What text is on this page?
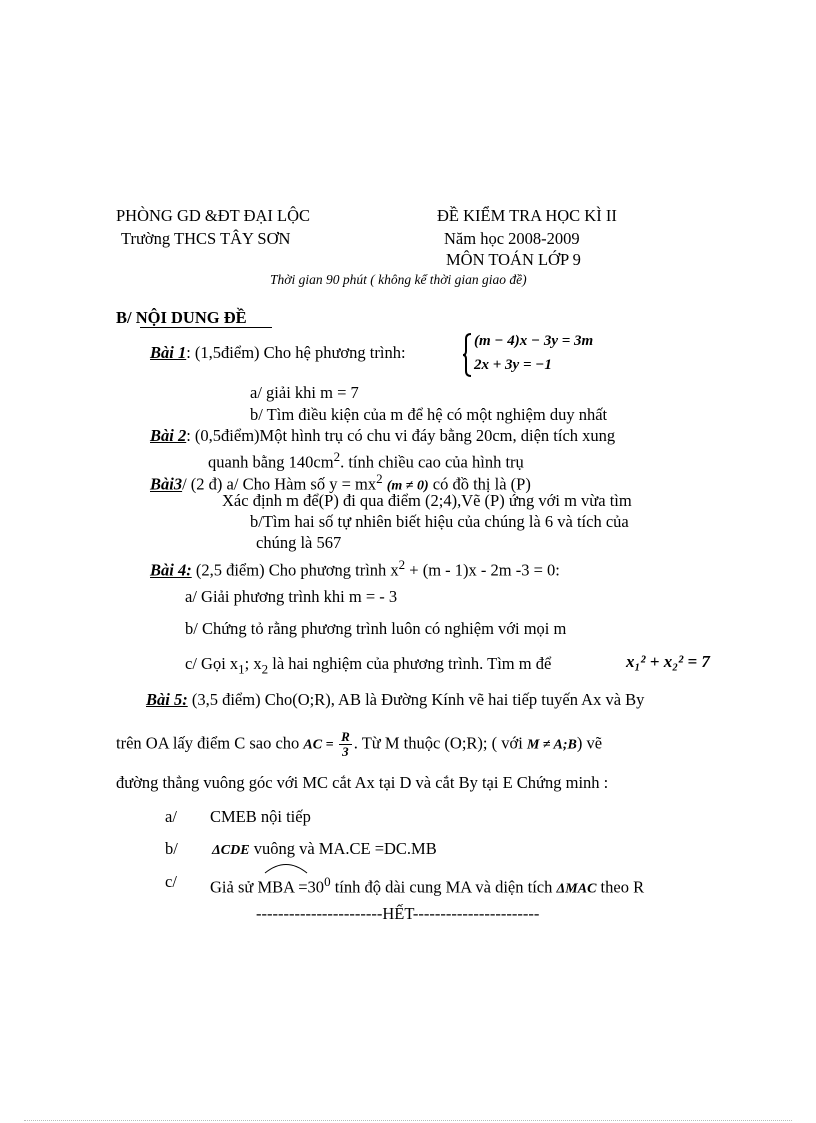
PHÒNG GD &ĐT ĐẠI LỘC
Trường THCS TÂY SƠN
ĐỀ KIỂM TRA HỌC KÌ II
Năm học 2008-2009
MÔN TOÁN LỚP 9
Thời gian 90 phút ( không kể thời gian giao đề)
B/ NỘI DUNG ĐỀ
Bài 1: (1,5điểm) Cho hệ phương trình:
(m − 4)x − 3y = 3m
2x + 3y = −1
a/ giải khi m = 7
b/ Tìm điều kiện của m để hệ có một nghiệm duy nhất
Bài 2: (0,5điểm)Một hình trụ có chu vi đáy bằng 20cm, diện tích xung
quanh bằng $140cm^2$. tính chiều cao của hình trụ
Bài3/ (2 đ) a/ Cho Hàm số $y = mx^2$ (m ≠ 0) có đồ thị là (P)
Xác định m để(P) đi qua điểm (2;4),Vẽ (P) ứng với m vừa tìm
b/Tìm hai số tự nhiên biết hiệu của chúng là 6 và tích của
chúng là 567
Bài 4: (2,5 điểm) Cho phương trình $x^2 + (m - 1)x - 2m$ -3 = 0:
a/ Giải phương trình khi m = - 3
b/ Chứng tỏ rằng phương trình luôn có nghiệm với mọi m
c/ Gọi $x_1$; $x_2$ là hai nghiệm của phương trình. Tìm m để	x₁² + x₂² = 7
Bài 5: (3,5 điểm) Cho(O;R), AB là Đường Kính vẽ hai tiếp tuyến Ax và By
trên OA lấy điểm C sao cho AC = $\frac{R}{3}$ . Từ M thuộc (O;R); ( với M ≠ A;B) vẽ
đường thẳng vuông góc với MC cắt Ax tại D và cắt By tại E Chứng minh :
a/ CMEB nội tiếp
b/ ΔCDE vuông và MA.CE =DC.MB
c/ Giả sử MBA $=30^0$ tính độ dài cung MA và diện tích ΔMAC theo R
-----------------------HẾT-----------------------
